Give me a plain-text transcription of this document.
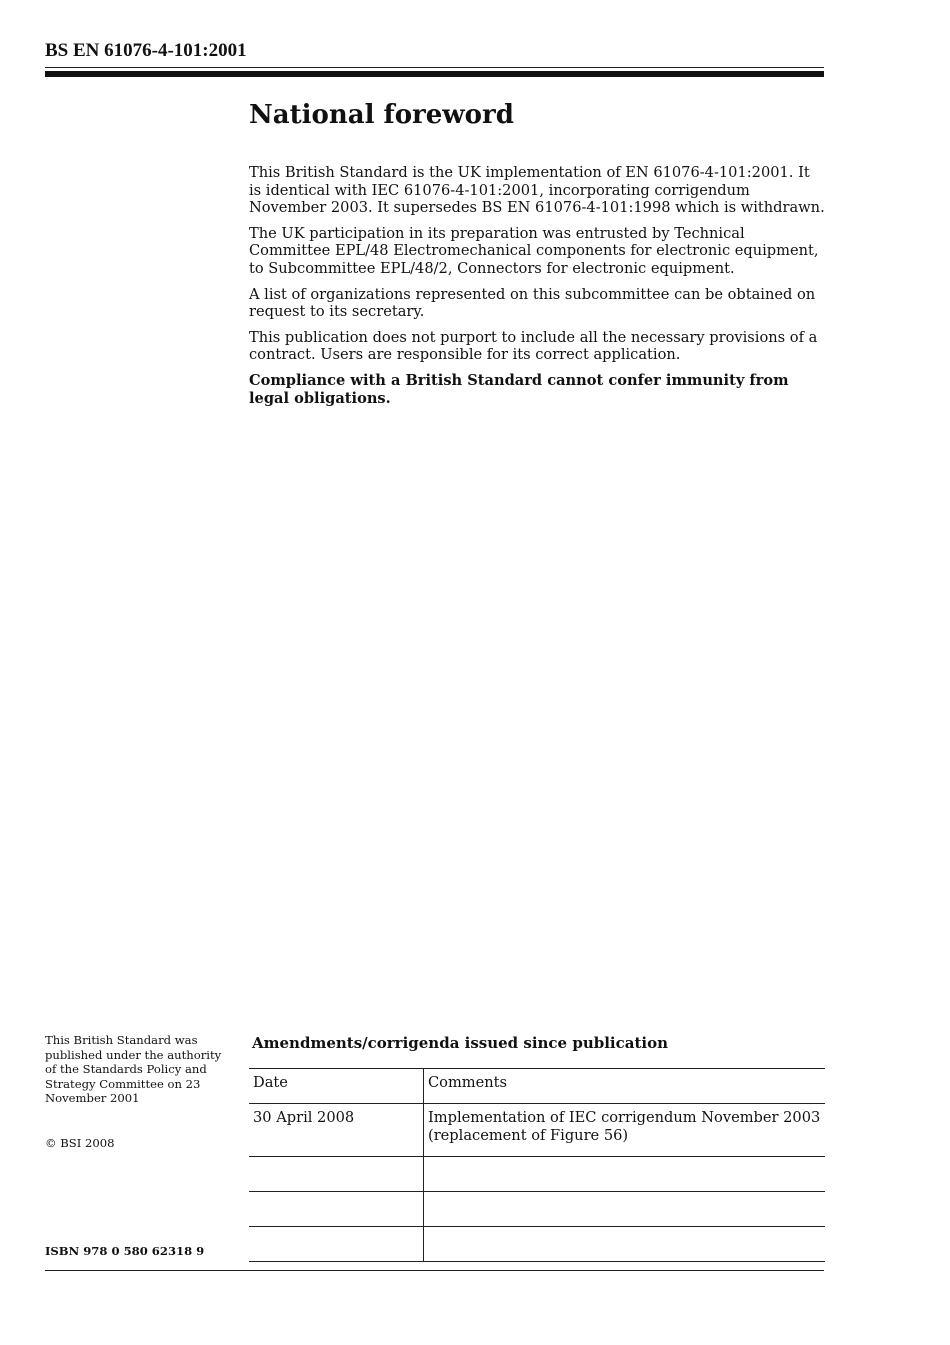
BS EN 61076-4-101:2001
National foreword

This British Standard is the UK implementation of EN 61076-4-101:2001. It is identical with IEC 61076-4-101:2001, incorporating corrigendum November 2003. It supersedes BS EN 61076-4-101:1998 which is withdrawn.

The UK participation in its preparation was entrusted by Technical Committee EPL/48 Electromechanical components for electronic equipment, to Subcommittee EPL/48/2, Connectors for electronic equipment.

A list of organizations represented on this subcommittee can be obtained on request to its secretary.

This publication does not purport to include all the necessary provisions of a contract. Users are responsible for its correct application.

Compliance with a British Standard cannot confer immunity from legal obligations.

This British Standard was published under the authority of the Standards Policy and Strategy Committee on 23 November 2001
© BSI 2008
ISBN 978 0 580 62318 9
Amendments/corrigenda issued since publication
Date	Comments
30 April 2008	Implementation of IEC corrigendum November 2003
(replacement of Figure 56)
